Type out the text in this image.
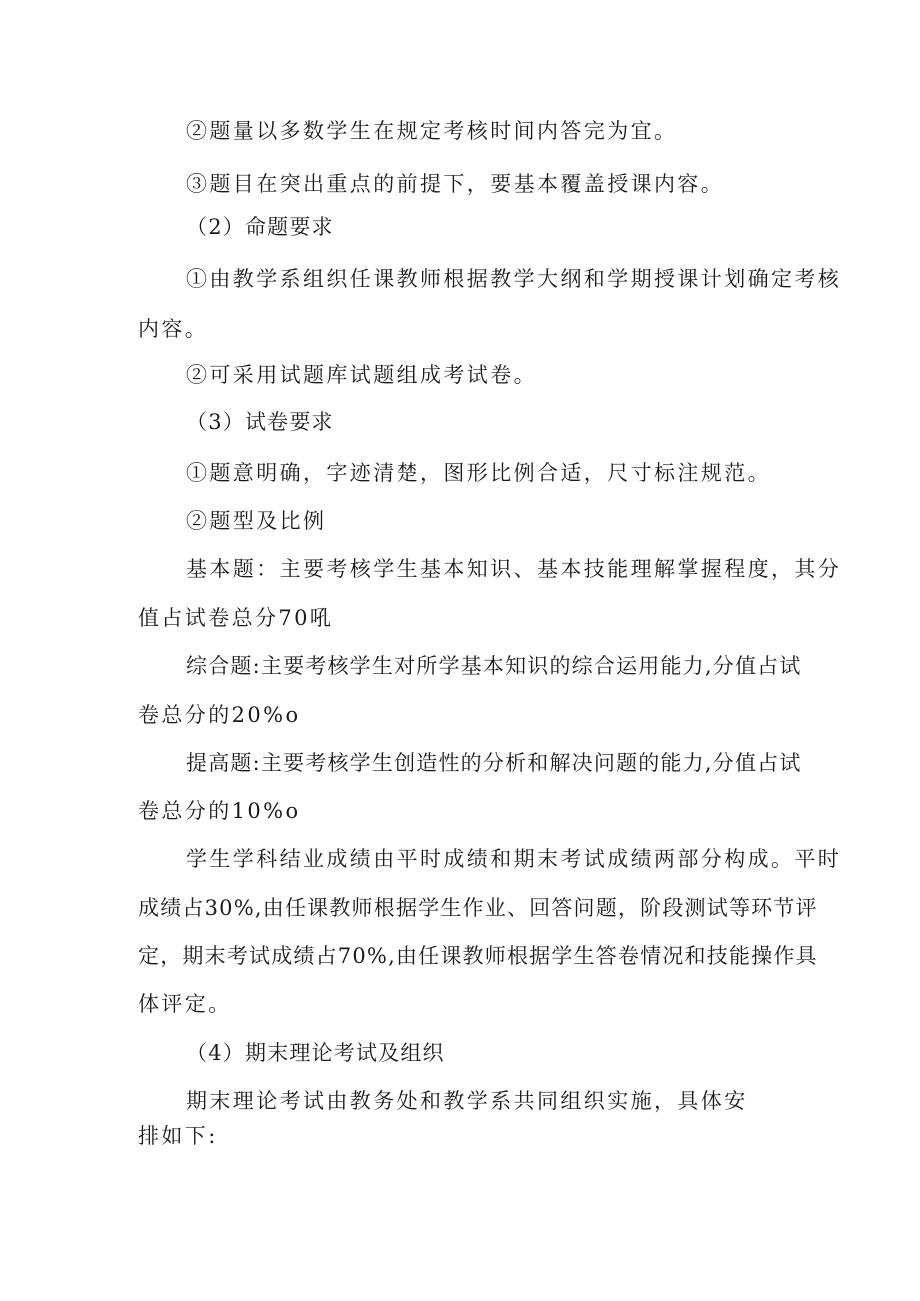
②题量以多数学生在规定考核时间内答完为宜。
③题目在突出重点的前提下，要基本覆盖授课内容。
（2）命题要求
①由教学系组织任课教师根据教学大纲和学期授课计划确定考核
内容。
②可采用试题库试题组成考试卷。
（3）试卷要求
①题意明确，字迹清楚，图形比例合适，尺寸标注规范。
②题型及比例
基本题：主要考核学生基本知识、基本技能理解掌握程度，其分
值占试卷总分70吼
综合题:主要考核学生对所学基本知识的综合运用能力,分值占试
卷总分的20%o
提高题:主要考核学生创造性的分析和解决问题的能力,分值占试
卷总分的10%o
学生学科结业成绩由平时成绩和期末考试成绩两部分构成。平时
成绩占30%,由任课教师根据学生作业、回答问题，阶段测试等环节评
定，期末考试成绩占70%,由任课教师根据学生答卷情况和技能操作具
体评定。
（4）期末理论考试及组织
期末理论考试由教务处和教学系共同组织实施，具体安
排如下:
